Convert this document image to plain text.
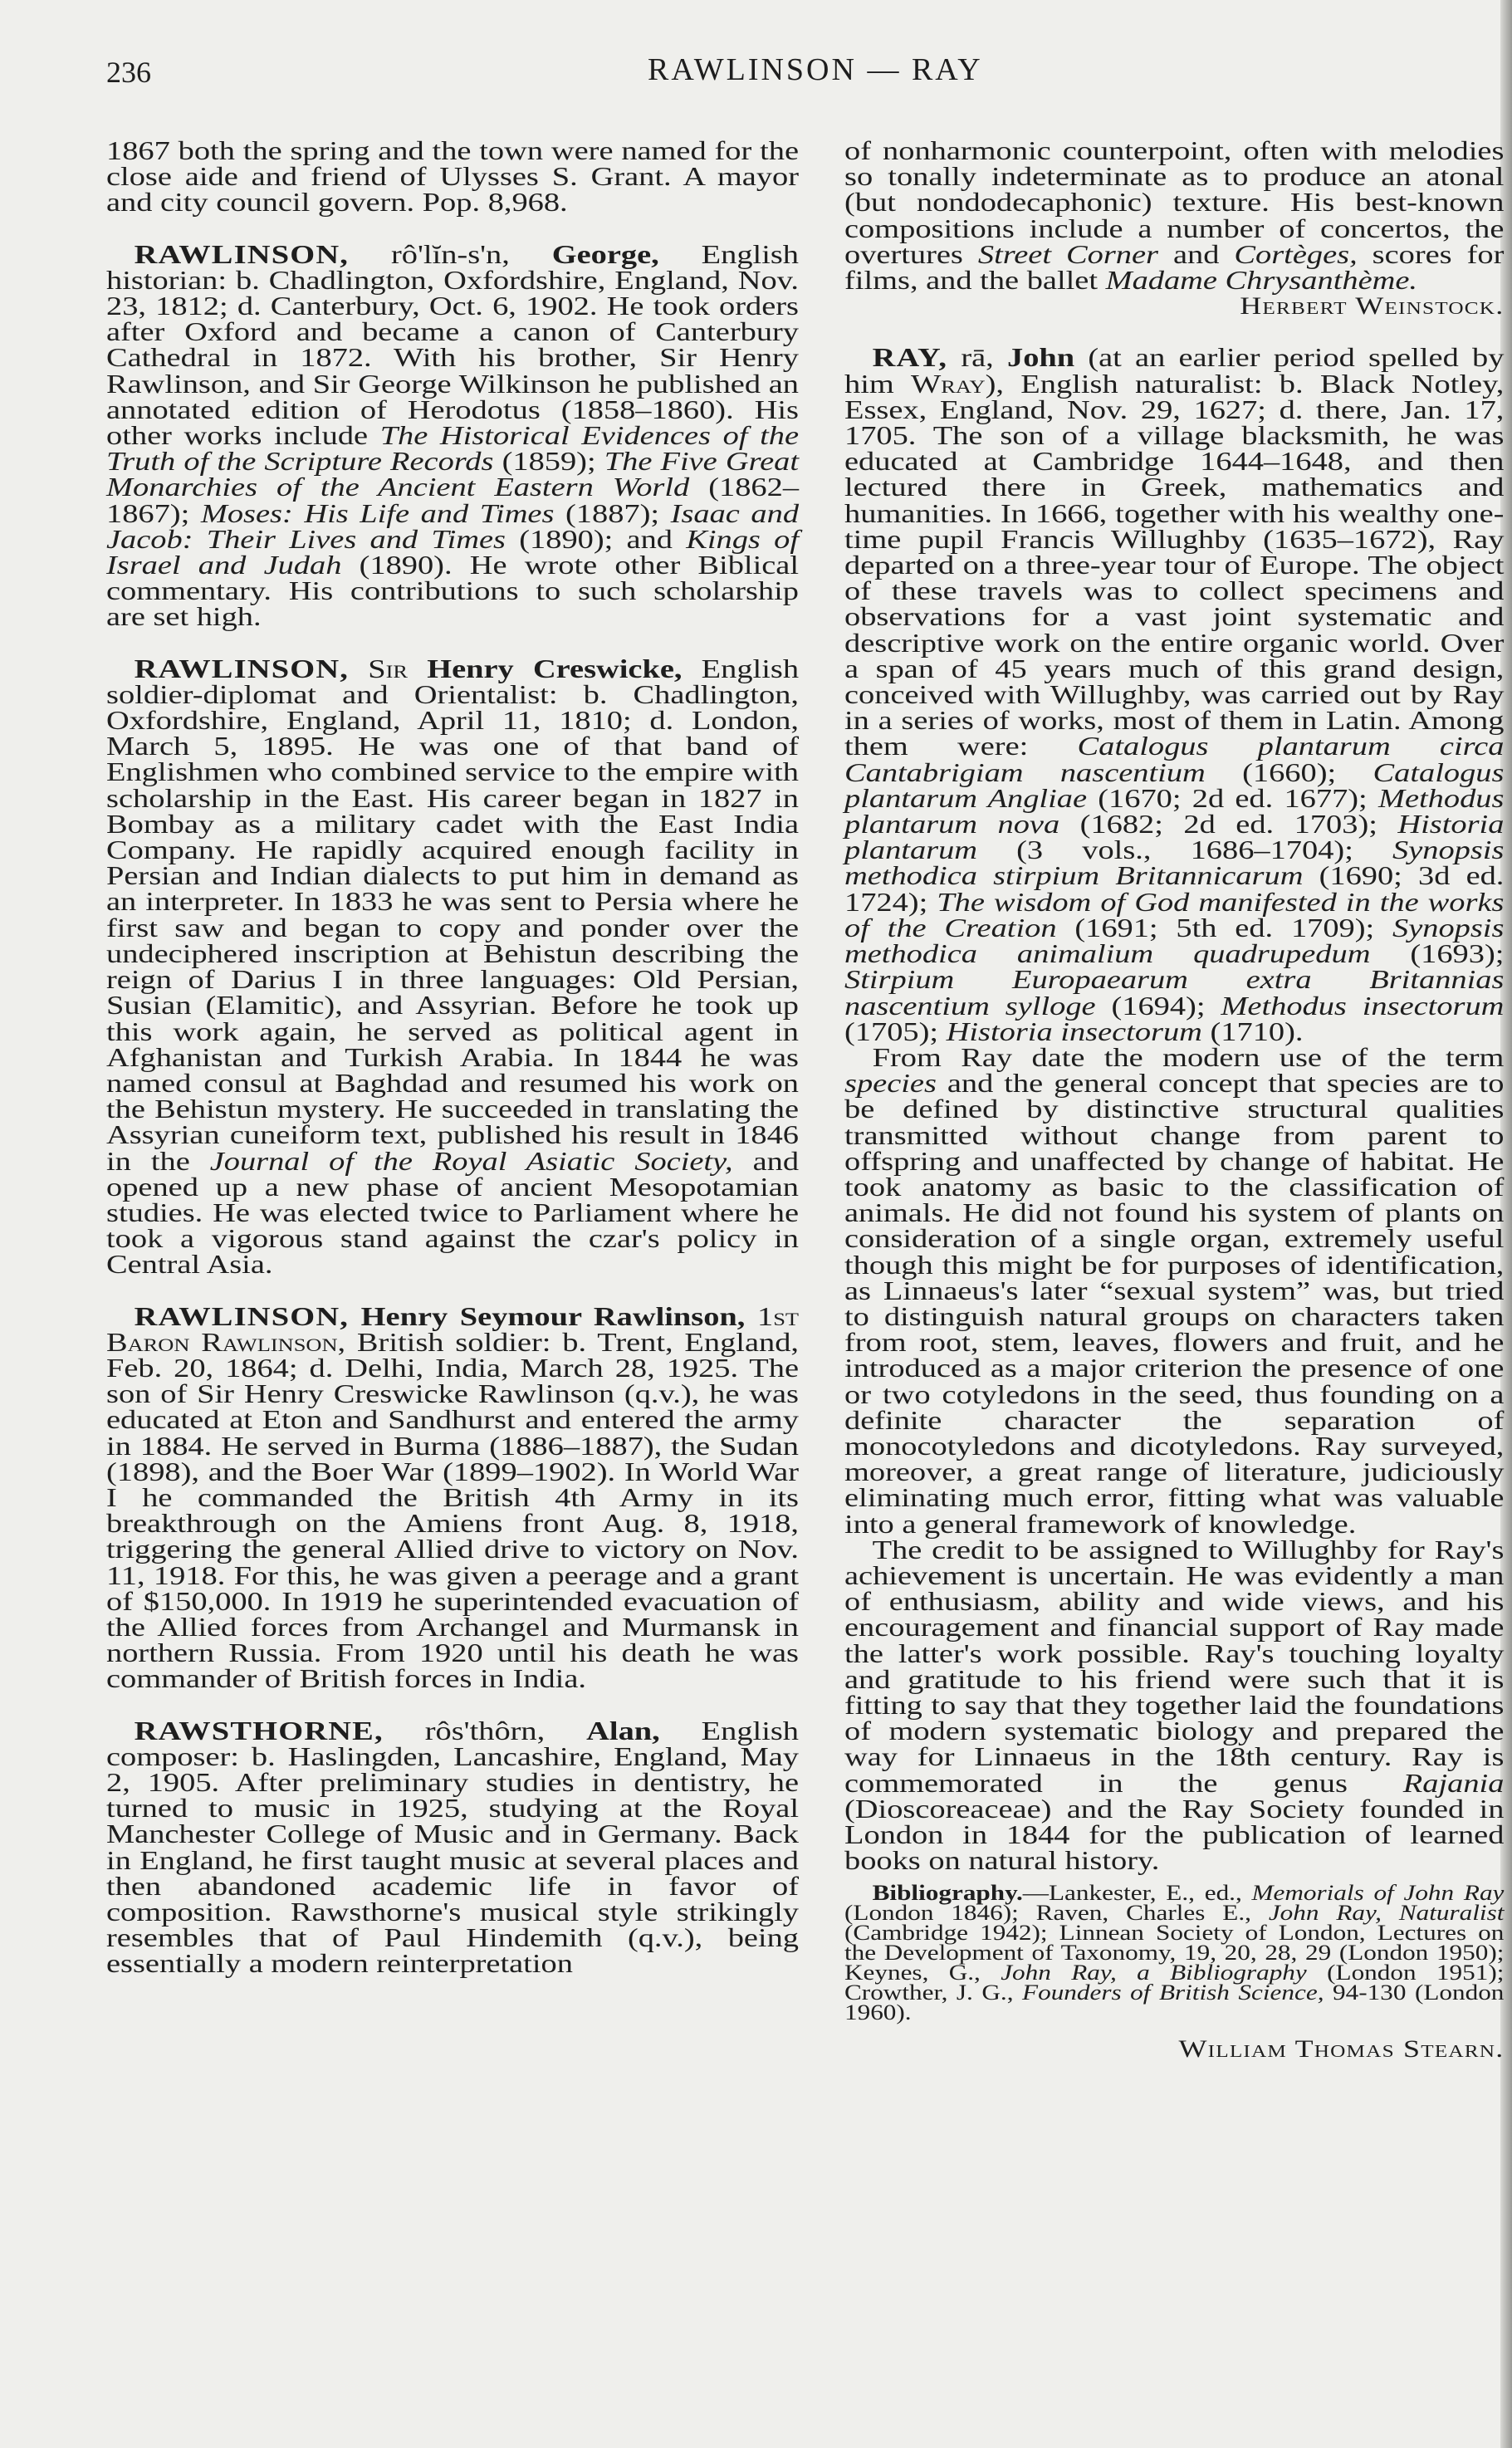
236	RAWLINSON — RAY

1867 both the spring and the town were named for the close aide and friend of Ulysses S. Grant. A mayor and city council govern. Pop. 8,968.

RAWLINSON, rô'lĭn-s'n, George, English historian: b. Chadlington, Oxfordshire, England, Nov. 23, 1812; d. Canterbury, Oct. 6, 1902. He took orders after Oxford and became a canon of Canterbury Cathedral in 1872. With his brother, Sir Henry Rawlinson, and Sir George Wilkinson he published an annotated edition of Herodotus (1858–1860). His other works include The Historical Evidences of the Truth of the Scripture Records (1859); The Five Great Monarchies of the Ancient Eastern World (1862–1867); Moses: His Life and Times (1887); Isaac and Jacob: Their Lives and Times (1890); and Kings of Israel and Judah (1890). He wrote other Biblical commentary. His contributions to such scholarship are set high.

RAWLINSON, Sir Henry Creswicke, English soldier-diplomat and Orientalist: b. Chadlington, Oxfordshire, England, April 11, 1810; d. London, March 5, 1895. He was one of that band of Englishmen who combined service to the empire with scholarship in the East. His career began in 1827 in Bombay as a military cadet with the East India Company. He rapidly acquired enough facility in Persian and Indian dialects to put him in demand as an interpreter. In 1833 he was sent to Persia where he first saw and began to copy and ponder over the undeciphered inscription at Behistun describing the reign of Darius I in three languages: Old Persian, Susian (Elamitic), and Assyrian. Before he took up this work again, he served as political agent in Afghanistan and Turkish Arabia. In 1844 he was named consul at Baghdad and resumed his work on the Behistun mystery. He succeeded in translating the Assyrian cuneiform text, published his result in 1846 in the Journal of the Royal Asiatic Society, and opened up a new phase of ancient Mesopotamian studies. He was elected twice to Parliament where he took a vigorous stand against the czar's policy in Central Asia.

RAWLINSON, Henry Seymour Rawlinson, 1st Baron Rawlinson, British soldier: b. Trent, England, Feb. 20, 1864; d. Delhi, India, March 28, 1925. The son of Sir Henry Creswicke Rawlinson (q.v.), he was educated at Eton and Sandhurst and entered the army in 1884. He served in Burma (1886–1887), the Sudan (1898), and the Boer War (1899–1902). In World War I he commanded the British 4th Army in its breakthrough on the Amiens front Aug. 8, 1918, triggering the general Allied drive to victory on Nov. 11, 1918. For this, he was given a peerage and a grant of $150,000. In 1919 he superintended evacuation of the Allied forces from Archangel and Murmansk in northern Russia. From 1920 until his death he was commander of British forces in India.

RAWSTHORNE, rôs'thôrn, Alan, English composer: b. Haslingden, Lancashire, England, May 2, 1905. After preliminary studies in dentistry, he turned to music in 1925, studying at the Royal Manchester College of Music and in Germany. Back in England, he first taught music at several places and then abandoned academic life in favor of composition. Rawsthorne's musical style strikingly resembles that of Paul Hindemith (q.v.), being essentially a modern reinterpretation

of nonharmonic counterpoint, often with melodies so tonally indeterminate as to produce an atonal (but nondodecaphonic) texture. His best-known compositions include a number of concertos, the overtures Street Corner and Cortèges, scores for films, and the ballet Madame Chrysanthème.

Herbert Weinstock.

RAY, rā, John (at an earlier period spelled by him Wray), English naturalist: b. Black Notley, Essex, England, Nov. 29, 1627; d. there, Jan. 17, 1705. The son of a village blacksmith, he was educated at Cambridge 1644–1648, and then lectured there in Greek, mathematics and humanities. In 1666, together with his wealthy one-time pupil Francis Willughby (1635–1672), Ray departed on a three-year tour of Europe. The object of these travels was to collect specimens and observations for a vast joint systematic and descriptive work on the entire organic world. Over a span of 45 years much of this grand design, conceived with Willughby, was carried out by Ray in a series of works, most of them in Latin. Among them were: Catalogus plantarum circa Cantabrigiam nascentium (1660); Catalogus plantarum Angliae (1670; 2d ed. 1677); Methodus plantarum nova (1682; 2d ed. 1703); Historia plantarum (3 vols., 1686–1704); Synopsis methodica stirpium Britannicarum (1690; 3d ed. 1724); The wisdom of God manifested in the works of the Creation (1691; 5th ed. 1709); Synopsis methodica animalium quadrupedum (1693); Stirpium Europaearum extra Britannias nascentium sylloge (1694); Methodus insectorum (1705); Historia insectorum (1710).

From Ray date the modern use of the term species and the general concept that species are to be defined by distinctive structural qualities transmitted without change from parent to offspring and unaffected by change of habitat. He took anatomy as basic to the classification of animals. He did not found his system of plants on consideration of a single organ, extremely useful though this might be for purposes of identification, as Linnaeus's later “sexual system” was, but tried to distinguish natural groups on characters taken from root, stem, leaves, flowers and fruit, and he introduced as a major criterion the presence of one or two cotyledons in the seed, thus founding on a definite character the separation of monocotyledons and dicotyledons. Ray surveyed, moreover, a great range of literature, judiciously eliminating much error, fitting what was valuable into a general framework of knowledge.

The credit to be assigned to Willughby for Ray's achievement is uncertain. He was evidently a man of enthusiasm, ability and wide views, and his encouragement and financial support of Ray made the latter's work possible. Ray's touching loyalty and gratitude to his friend were such that it is fitting to say that they together laid the foundations of modern systematic biology and prepared the way for Linnaeus in the 18th century. Ray is commemorated in the genus Rajania (Dioscoreaceae) and the Ray Society founded in London in 1844 for the publication of learned books on natural history.

Bibliography.—Lankester, E., ed., Memorials of John Ray (London 1846); Raven, Charles E., John Ray, Naturalist (Cambridge 1942); Linnean Society of London, Lectures on the Development of Taxonomy, 19, 20, 28, 29 (London 1950); Keynes, G., John Ray, a Bibliography (London 1951); Crowther, J. G., Founders of British Science, 94-130 (London 1960).

William Thomas Stearn.
